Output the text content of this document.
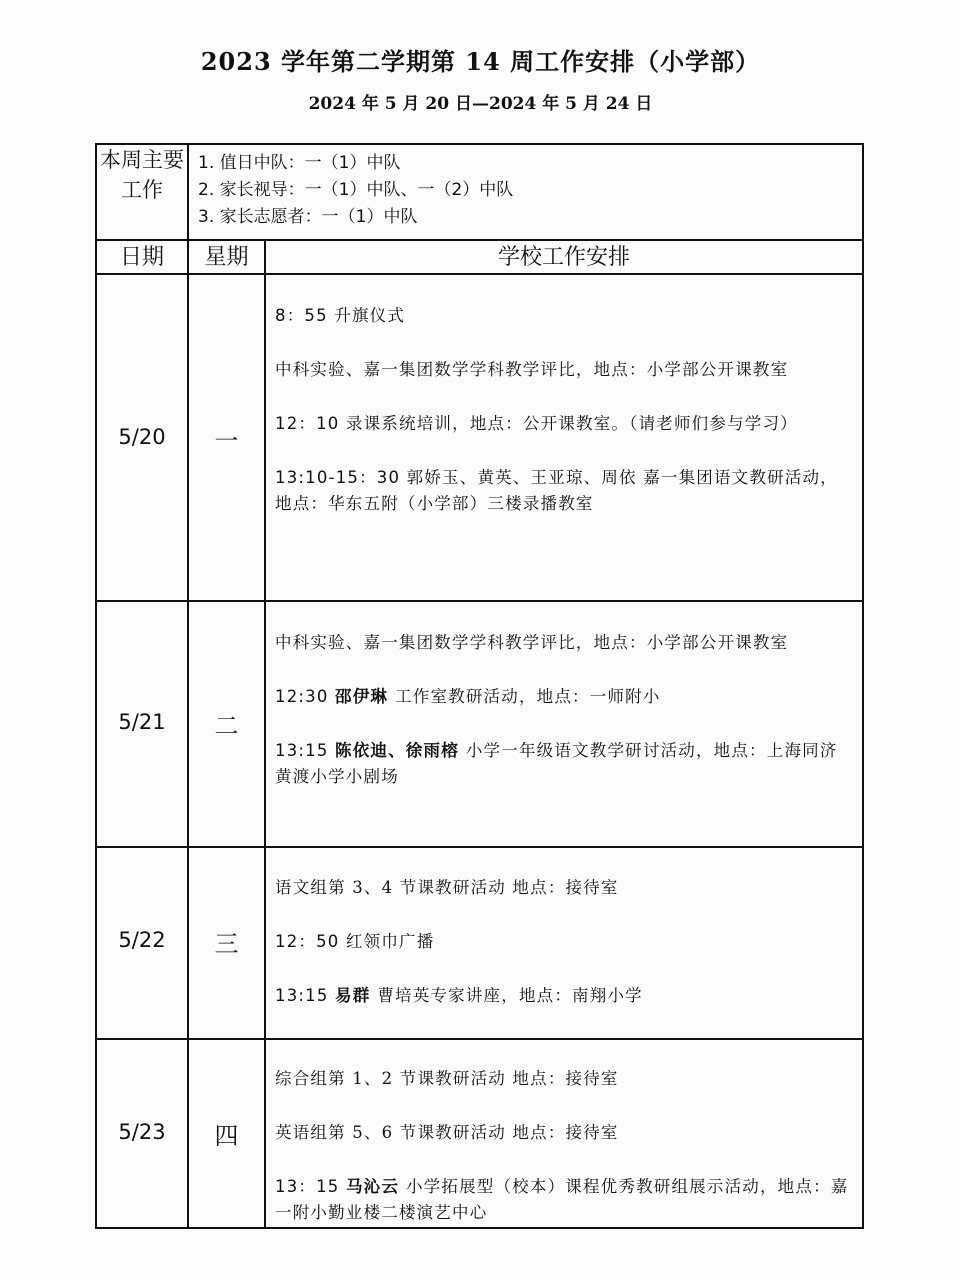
2023 学年第二学期第 14 周工作安排（小学部）
2024 年 5 月 20 日—2024 年 5 月 24 日
本周主要工作
1. 值日中队：一（1）中队
2. 家长视导：一（1）中队、一（2）中队
3. 家长志愿者：一（1）中队
日期	星期	学校工作安排
5/20	一
8：55 升旗仪式
中科实验、嘉一集团数学学科教学评比，地点：小学部公开课教室
12：10 录课系统培训，地点：公开课教室。（请老师们参与学习）
13:10-15：30 郭娇玉、黄英、王亚琼、周依 嘉一集团语文教研活动，地点：华东五附（小学部）三楼录播教室
5/21	二
中科实验、嘉一集团数学学科教学评比，地点：小学部公开课教室
12:30 邵伊琳 工作室教研活动，地点：一师附小
13:15 陈依迪、徐雨榕 小学一年级语文教学研讨活动，地点：上海同济黄渡小学小剧场
5/22	三
语文组第 3、4 节课教研活动 地点：接待室
12：50 红领巾广播
13:15 易群 曹培英专家讲座，地点：南翔小学
5/23	四
综合组第 1、2 节课教研活动 地点：接待室
英语组第 5、6 节课教研活动 地点：接待室
13：15 马沁云 小学拓展型（校本）课程优秀教研组展示活动，地点：嘉一附小勤业楼二楼演艺中心
